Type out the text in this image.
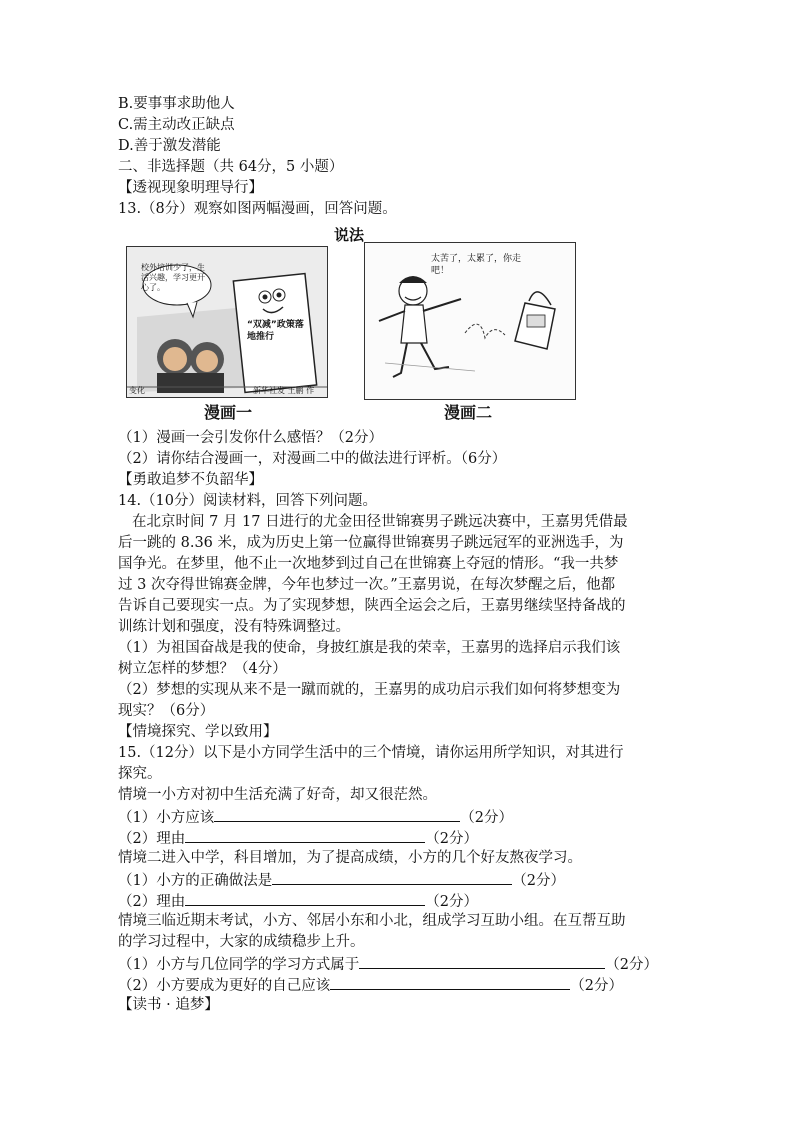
B.要事事求助他人
C.需主动改正缺点
D.善于激发潜能
二、非选择题（共 64分，5 小题）
【透视现象明理导行】
13.（8分）观察如图两幅漫画，回答问题。
说法
校外培训少了，生活兴趣，学习更开心了。
“双减”政策落地推行
变化	新华社发 王鹏 作
太苦了，太累了，你走吧！
漫画一	漫画二
（1）漫画一会引发你什么感悟？（2分）
（2）请你结合漫画一，对漫画二中的做法进行评析。（6分）
【勇敢追梦不负韶华】
14.（10分）阅读材料，回答下列问题。
在北京时间 7 月 17 日进行的尤金田径世锦赛男子跳远决赛中，王嘉男凭借最
后一跳的 8.36 米，成为历史上第一位赢得世锦赛男子跳远冠军的亚洲选手，为
国争光。在梦里，他不止一次地梦到过自己在世锦赛上夺冠的情形。“我一共梦
过 3 次夺得世锦赛金牌，今年也梦过一次。”王嘉男说，在每次梦醒之后，他都
告诉自己要现实一点。为了实现梦想，陕西全运会之后，王嘉男继续坚持备战的
训练计划和强度，没有特殊调整过。
（1）为祖国奋战是我的使命，身披红旗是我的荣幸，王嘉男的选择启示我们该
树立怎样的梦想？（4分）
（2）梦想的实现从来不是一蹴而就的，王嘉男的成功启示我们如何将梦想变为
现实？（6分）
【情境探究、学以致用】
15.（12分）以下是小方同学生活中的三个情境，请你运用所学知识，对其进行
探究。
情境一小方对初中生活充满了好奇，却又很茫然。
（1）小方应该	（2分）
（2）理由	（2分）
情境二进入中学，科目增加，为了提高成绩，小方的几个好友熬夜学习。
（1）小方的正确做法是	（2分）
（2）理由	（2分）
情境三临近期末考试，小方、邻居小东和小北，组成学习互助小组。在互帮互助
的学习过程中，大家的成绩稳步上升。
（1）小方与几位同学的学习方式属于	（2分）
（2）小方要成为更好的自己应该	（2分）
【读书 · 追梦】
